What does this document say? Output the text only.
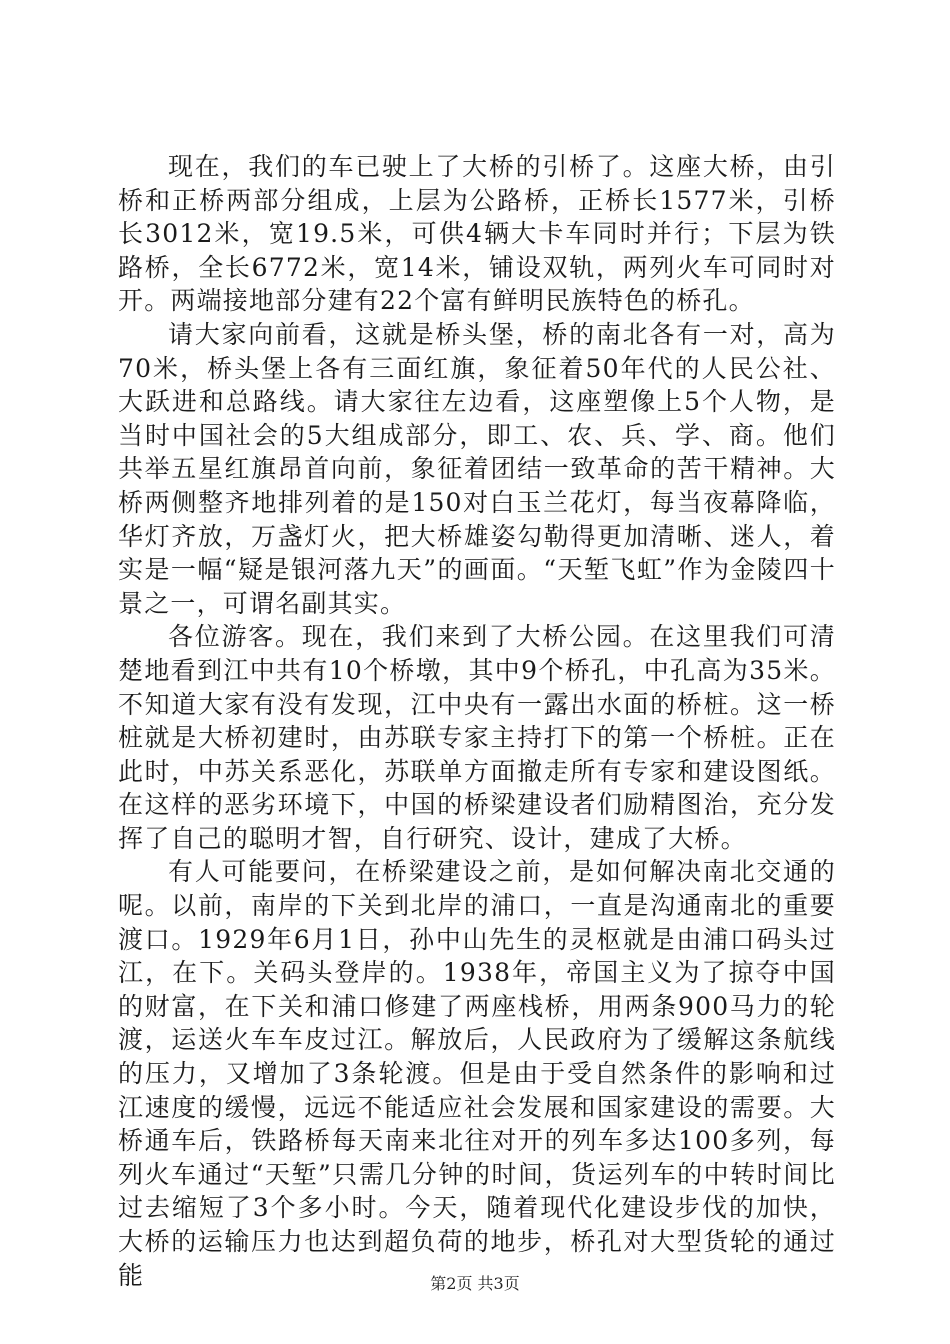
现在，我们的车已驶上了大桥的引桥了。这座大桥，由引桥和正桥两部分组成，上层为公路桥，正桥长1577米，引桥长3012米，宽19.5米，可供4辆大卡车同时并行；下层为铁路桥，全长6772米，宽14米，铺设双轨，两列火车可同时对开。两端接地部分建有22个富有鲜明民族特色的桥孔。

请大家向前看，这就是桥头堡，桥的南北各有一对，高为70米，桥头堡上各有三面红旗，象征着50年代的人民公社、大跃进和总路线。请大家往左边看，这座塑像上5个人物，是当时中国社会的5大组成部分，即工、农、兵、学、商。他们共举五星红旗昂首向前，象征着团结一致革命的苦干精神。大桥两侧整齐地排列着的是150对白玉兰花灯，每当夜幕降临，华灯齐放，万盏灯火，把大桥雄姿勾勒得更加清晰、迷人，着实是一幅“疑是银河落九天”的画面。“天堑飞虹”作为金陵四十景之一，可谓名副其实。

各位游客。现在，我们来到了大桥公园。在这里我们可清楚地看到江中共有10个桥墩，其中9个桥孔，中孔高为35米。不知道大家有没有发现，江中央有一露出水面的桥桩。这一桥桩就是大桥初建时，由苏联专家主持打下的第一个桥桩。正在此时，中苏关系恶化，苏联单方面撤走所有专家和建设图纸。在这样的恶劣环境下，中国的桥梁建设者们励精图治，充分发挥了自己的聪明才智，自行研究、设计，建成了大桥。

有人可能要问，在桥梁建设之前，是如何解决南北交通的呢。以前，南岸的下关到北岸的浦口，一直是沟通南北的重要渡口。1929年6月1日，孙中山先生的灵枢就是由浦口码头过江，在下。关码头登岸的。1938年，帝国主义为了掠夺中国的财富，在下关和浦口修建了两座栈桥，用两条900马力的轮渡，运送火车车皮过江。解放后，人民政府为了缓解这条航线的压力，又增加了3条轮渡。但是由于受自然条件的影响和过江速度的缓慢，远远不能适应社会发展和国家建设的需要。大桥通车后，铁路桥每天南来北往对开的列车多达100多列，每列火车通过“天堑”只需几分钟的时间，货运列车的中转时间比过去缩短了3个多小时。今天，随着现代化建设步伐的加快，大桥的运输压力也达到超负荷的地步，桥孔对大型货轮的通过能	第2页 共3页
